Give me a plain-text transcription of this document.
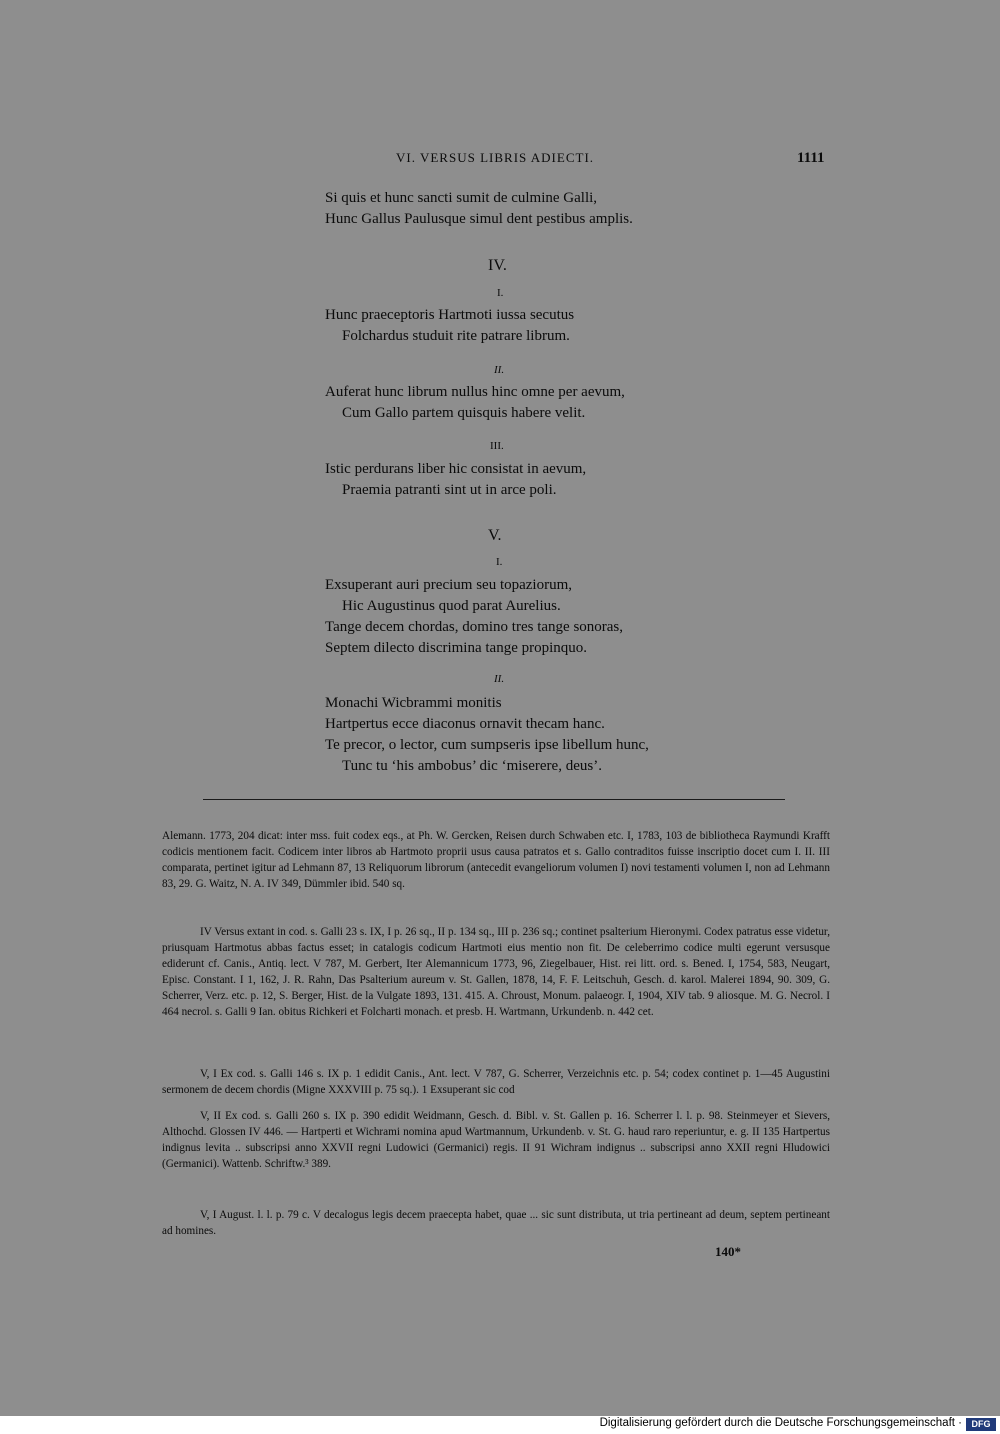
VI. VERSUS LIBRIS ADIECTI.	1111
Si quis et hunc sancti sumit de culmine Galli,
Hunc Gallus Paulusque simul dent pestibus amplis.
IV.
I.
Hunc praeceptoris Hartmoti iussa secutus
Folchardus studuit rite patrare librum.
II.
Auferat hunc librum nullus hinc omne per aevum,
Cum Gallo partem quisquis habere velit.
III.
Istic perdurans liber hic consistat in aevum,
Praemia patranti sint ut in arce poli.
V.
I.
Exsuperant auri precium seu topaziorum,
Hic Augustinus quod parat Aurelius.
Tange decem chordas, domino tres tange sonoras,
Septem dilecto discrimina tange propinquo.
II.
Monachi Wicbrammi monitis
Hartpertus ecce diaconus ornavit thecam hanc.
Te precor, o lector, cum sumpseris ipse libellum hunc,
Tunc tu ‘his ambobus’ dic ‘miserere, deus’.
Alemann. 1773, 204 dicat: inter mss. fuit codex eqs., at Ph. W. Gercken, Reisen durch Schwaben etc. I, 1783, 103 de bibliotheca Raymundi Krafft codicis mentionem facit. Codicem inter libros ab Hartmoto proprii usus causa patratos et s. Gallo contraditos fuisse inscriptio docet cum I. II. III comparata, pertinet igitur ad Lehmann 87, 13 Reliquorum librorum (antecedit evangeliorum volumen I) novi testamenti volumen I, non ad Lehmann 83, 29. G. Waitz, N. A. IV 349, Dümmler ibid. 540 sq.
IV Versus extant in cod. s. Galli 23 s. IX, I p. 26 sq., II p. 134 sq., III p. 236 sq.; continet psalterium Hieronymi. Codex patratus esse videtur, priusquam Hartmotus abbas factus esset; in catalogis codicum Hartmoti eius mentio non fit. De celeberrimo codice multi egerunt versusque ediderunt cf. Canis., Antiq. lect. V 787, M. Gerbert, Iter Alemannicum 1773, 96, Ziegelbauer, Hist. rei litt. ord. s. Bened. I, 1754, 583, Neugart, Episc. Constant. I 1, 162, J. R. Rahn, Das Psalterium aureum v. St. Gallen, 1878, 14, F. F. Leitschuh, Gesch. d. karol. Malerei 1894, 90. 309, G. Scherrer, Verz. etc. p. 12, S. Berger, Hist. de la Vulgate 1893, 131. 415. A. Chroust, Monum. palaeogr. I, 1904, XIV tab. 9 aliosque. M. G. Necrol. I 464 necrol. s. Galli 9 Ian. obitus Richkeri et Folcharti monach. et presb. H. Wartmann, Urkundenb. n. 442 cet.
V, I Ex cod. s. Galli 146 s. IX p. 1 edidit Canis., Ant. lect. V 787, G. Scherrer, Verzeichnis etc. p. 54; codex continet p. 1—45 Augustini sermonem de decem chordis (Migne XXXVIII p. 75 sq.). 1 Exsuperant sic cod
V, II Ex cod. s. Galli 260 s. IX p. 390 edidit Weidmann, Gesch. d. Bibl. v. St. Gallen p. 16. Scherrer l. l. p. 98. Steinmeyer et Sievers, Althochd. Glossen IV 446. — Hartperti et Wichrami nomina apud Wartmannum, Urkundenb. v. St. G. haud raro reperiuntur, e. g. II 135 Hartpertus indignus levita .. subscripsi anno XXVII regni Ludowici (Germanici) regis. II 91 Wichram indignus .. subscripsi anno XXII regni Hludowici (Germanici). Wattenb. Schriftw.³ 389.
V, I August. l. l. p. 79 c. V decalogus legis decem praecepta habet, quae ... sic sunt distributa, ut tria pertineant ad deum, septem pertineant ad homines.
140*
Digitalisierung gefördert durch die Deutsche Forschungsgemeinschaft ·	DFG
